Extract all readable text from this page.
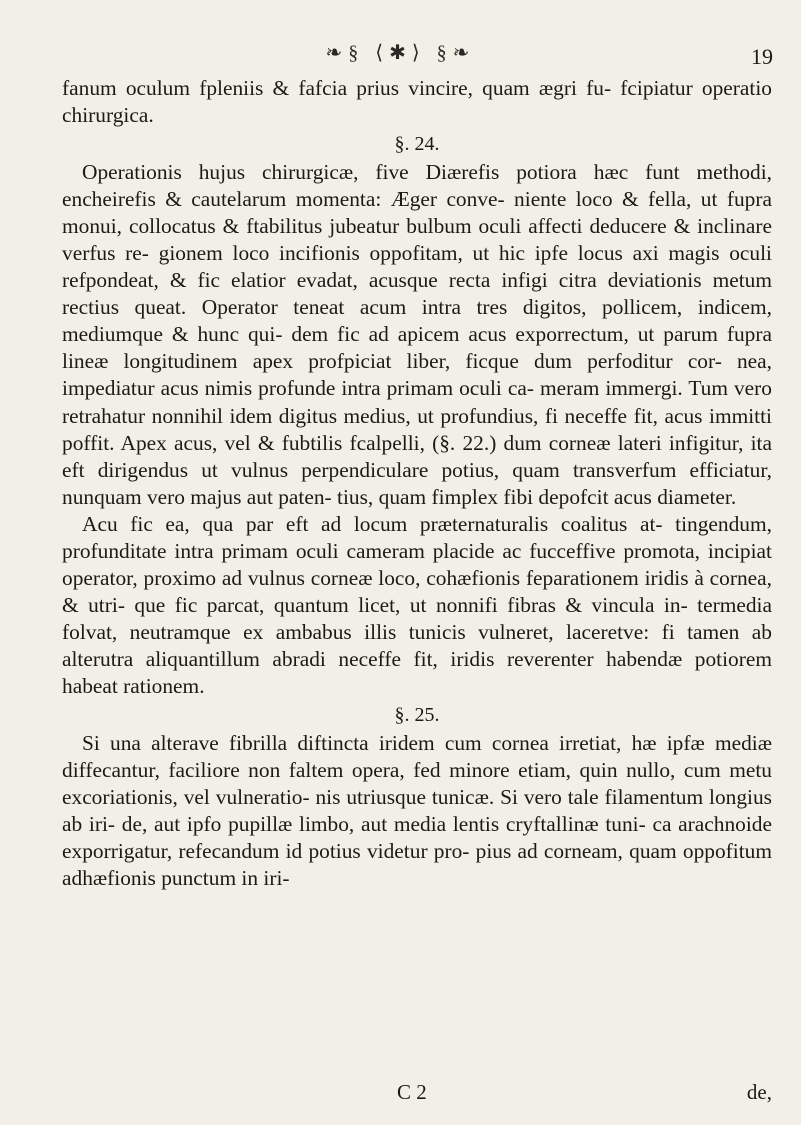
❧§ ⟨✱⟩ §❧	19

fanum oculum fpleniis & fafcia prius vincire, quam ægri fu- fcipiatur operatio chirurgica.

§. 24.

Operationis hujus chirurgicæ, five Diærefis potiora hæc funt methodi, encheirefis & cautelarum momenta: Æger conve- niente loco & fella, ut fupra monui, collocatus & ftabilitus jubeatur bulbum oculi affecti deducere & inclinare verfus re- gionem loco incifionis oppofitam, ut hic ipfe locus axi magis oculi refpondeat, & fic elatior evadat, acusque recta infigi citra deviationis metum rectius queat. Operator teneat acum intra tres digitos, pollicem, indicem, mediumque & hunc qui- dem fic ad apicem acus exporrectum, ut parum fupra lineæ longitudinem apex profpiciat liber, ficque dum perfoditur cor- nea, impediatur acus nimis profunde intra primam oculi ca- meram immergi. Tum vero retrahatur nonnihil idem digitus medius, ut profundius, fi neceffe fit, acus immitti poffit. Apex acus, vel & fubtilis fcalpelli, (§. 22.) dum corneæ lateri infigitur, ita eft dirigendus ut vulnus perpendiculare potius, quam transverfum efficiatur, nunquam vero majus aut paten- tius, quam fimplex fibi depofcit acus diameter.

Acu fic ea, qua par eft ad locum præternaturalis coalitus at- tingendum, profunditate intra primam oculi cameram placide ac fucceffive promota, incipiat operator, proximo ad vulnus corneæ loco, cohæfionis feparationem iridis à cornea, & utri- que fic parcat, quantum licet, ut nonnifi fibras & vincula in- termedia folvat, neutramque ex ambabus illis tunicis vulneret, laceretve: fi tamen ab alterutra aliquantillum abradi neceffe fit, iridis reverenter habendæ potiorem habeat rationem.

§. 25.

Si una alterave fibrilla diftincta iridem cum cornea irretiat, hæ ipfæ mediæ diffecantur, faciliore non faltem opera, fed minore etiam, quin nullo, cum metu excoriationis, vel vulneratio- nis utriusque tunicæ. Si vero tale filamentum longius ab iri- de, aut ipfo pupillæ limbo, aut media lentis cryftallinæ tuni- ca arachnoide exporrigatur, refecandum id potius videtur pro- pius ad corneam, quam oppofitum adhæfionis punctum in iri-

C 2	de,
